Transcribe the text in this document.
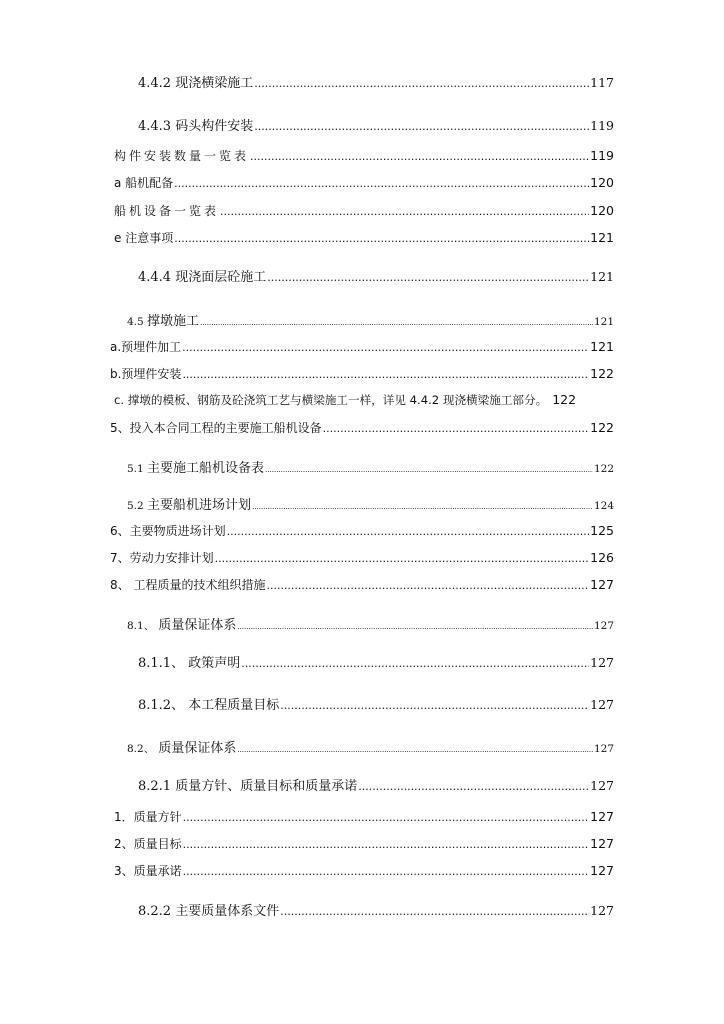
4.4.2 现浇横梁施工 .....	117
4.4.3 码头构件安装 .....	119
构件安装数量一览表 .....	119
a 船机配备 .....	120
船机设备一览表 .....	120
e 注意事项 .....	121
4.4.4 现浇面层砼施工 .....	121
4.5 撑墩施工 .....	121
a.预埋件加工 .....	121
b.预埋件安装 .....	122
c. 撑墩的模板、钢筋及砼浇筑工艺与横梁施工一样，详见 4.4.2 现浇横梁施工部分。 122
5、投入本合同工程的主要施工船机设备 .....	122
5.1 主要施工船机设备表 .....	122
5.2 主要船机进场计划 .....	124
6、主要物质进场计划 .....	125
7、劳动力安排计划 .....	126
8、 工程质量的技术组织措施 .....	127
8.1、 质量保证体系 .....	127
8.1.1、 政策声明 .....	127
8.1.2、 本工程质量目标 .....	127
8.2、 质量保证体系 .....	127
8.2.1 质量方针、质量目标和质量承诺 .....	127
1．质量方针 .....	127
2、质量目标 .....	127
3、质量承诺 .....	127
8.2.2 主要质量体系文件 .....	127
